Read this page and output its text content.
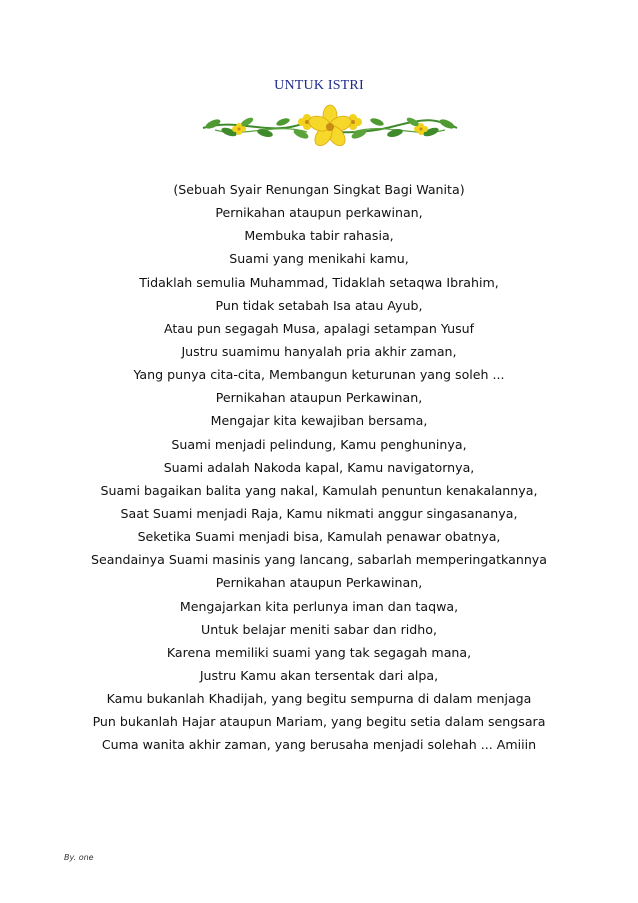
UNTUK ISTRI
(Sebuah Syair Renungan Singkat Bagi Wanita)
Pernikahan ataupun perkawinan,
Membuka tabir rahasia,
Suami yang menikahi kamu,
Tidaklah semulia Muhammad, Tidaklah setaqwa Ibrahim,
Pun tidak setabah Isa atau Ayub,
Atau pun segagah Musa, apalagi setampan Yusuf
Justru suamimu hanyalah pria akhir zaman,
Yang punya cita-cita, Membangun keturunan yang soleh ...
Pernikahan ataupun Perkawinan,
Mengajar kita kewajiban bersama,
Suami menjadi pelindung, Kamu penghuninya,
Suami adalah Nakoda kapal, Kamu navigatornya,
Suami bagaikan balita yang nakal, Kamulah penuntun kenakalannya,
Saat Suami menjadi Raja, Kamu nikmati anggur singasananya,
Seketika Suami menjadi bisa, Kamulah penawar obatnya,
Seandainya Suami masinis yang lancang, sabarlah memperingatkannya
Pernikahan ataupun Perkawinan,
Mengajarkan kita perlunya iman dan taqwa,
Untuk belajar meniti sabar dan ridho,
Karena memiliki suami yang tak segagah mana,
Justru Kamu akan tersentak dari alpa,
Kamu bukanlah Khadijah, yang begitu sempurna di dalam menjaga
Pun bukanlah Hajar ataupun Mariam, yang begitu setia dalam sengsara
Cuma wanita akhir zaman, yang berusaha menjadi solehah ... Amiiin
By. one
